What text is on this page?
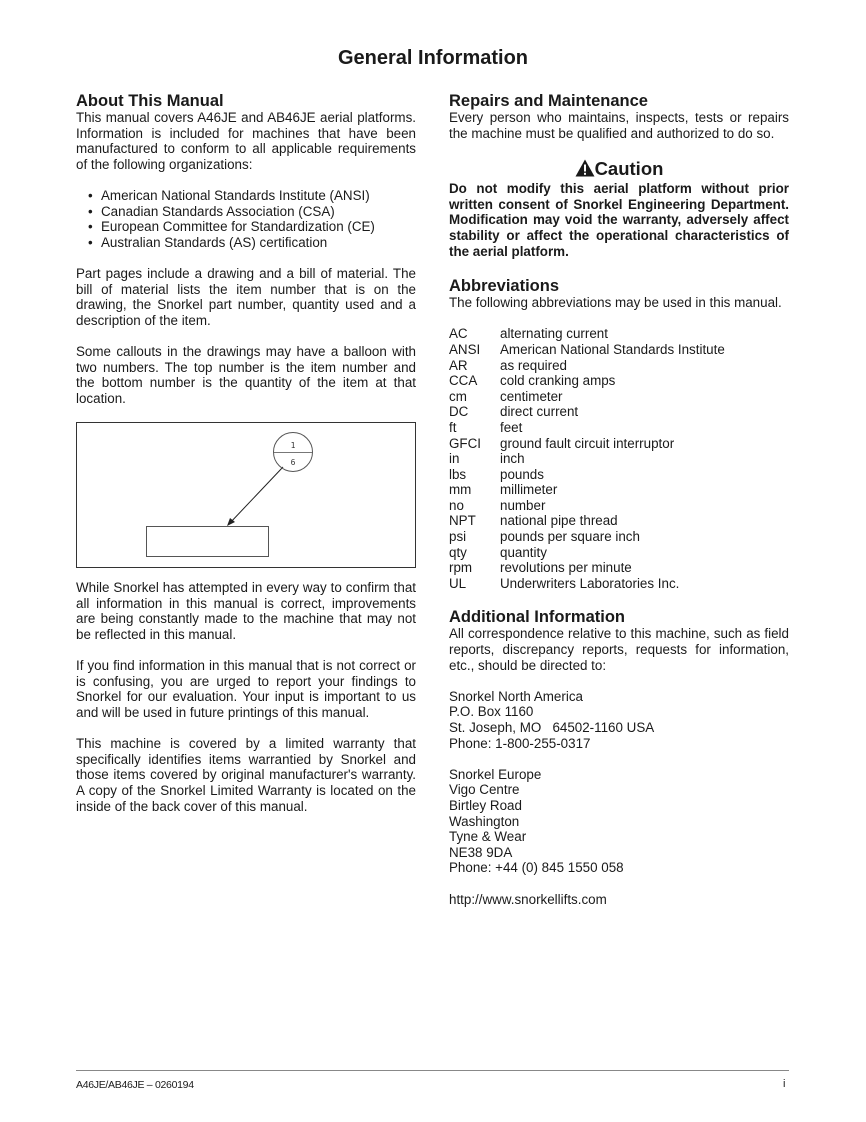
General Information
About This Manual

This manual covers A46JE and AB46JE aerial platforms. Information is included for machines that have been manufactured to conform to all applicable requirements of the following organizations:

• American National Standards Institute (ANSI)
• Canadian Standards Association (CSA)
• European Committee for Standardization (CE)
• Australian Standards (AS) certification

Part pages include a drawing and a bill of material. The bill of material lists the item number that is on the drawing, the Snorkel part number, quantity used and a description of the item.

Some callouts in the drawings may have a balloon with two numbers. The top number is the item number and the bottom number is the quantity of the item at that location.

1
6

While Snorkel has attempted in every way to confirm that all information in this manual is correct, improvements are being constantly made to the machine that may not be reflected in this manual.

If you find information in this manual that is not correct or is confusing, you are urged to report your findings to Snorkel for our evaluation. Your input is important to us and will be used in future printings of this manual.

This machine is covered by a limited warranty that specifically identifies items warrantied by Snorkel and those items covered by original manufacturer's warranty. A copy of the Snorkel Limited Warranty is located on the inside of the back cover of this manual.

Repairs and Maintenance

Every person who maintains, inspects, tests or repairs the machine must be qualified and authorized to do so.

Caution

Do not modify this aerial platform without prior written consent of Snorkel Engineering Department. Modification may void the warranty, adversely affect stability or affect the operational characteristics of the aerial platform.

Abbreviations

The following abbreviations may be used in this manual.

AC	alternating current
ANSI	American National Standards Institute
AR	as required
CCA	cold cranking amps
cm	centimeter
DC	direct current
ft	feet
GFCI	ground fault circuit interruptor
in	inch
lbs	pounds
mm	millimeter
no	number
NPT	national pipe thread
psi	pounds per square inch
qty	quantity
rpm	revolutions per minute
UL	Underwriters Laboratories Inc.
Additional Information

All correspondence relative to this machine, such as field reports, discrepancy reports, requests for information, etc., should be directed to:

Snorkel North America
P.O. Box 1160
St. Joseph, MO   64502-1160 USA
Phone: 1-800-255-0317
Snorkel Europe
Vigo Centre
Birtley Road
Washington
Tyne & Wear
NE38 9DA
Phone: +44 (0) 845 1550 058
http://www.snorkellifts.com
A46JE/AB46JE – 0260194	i
